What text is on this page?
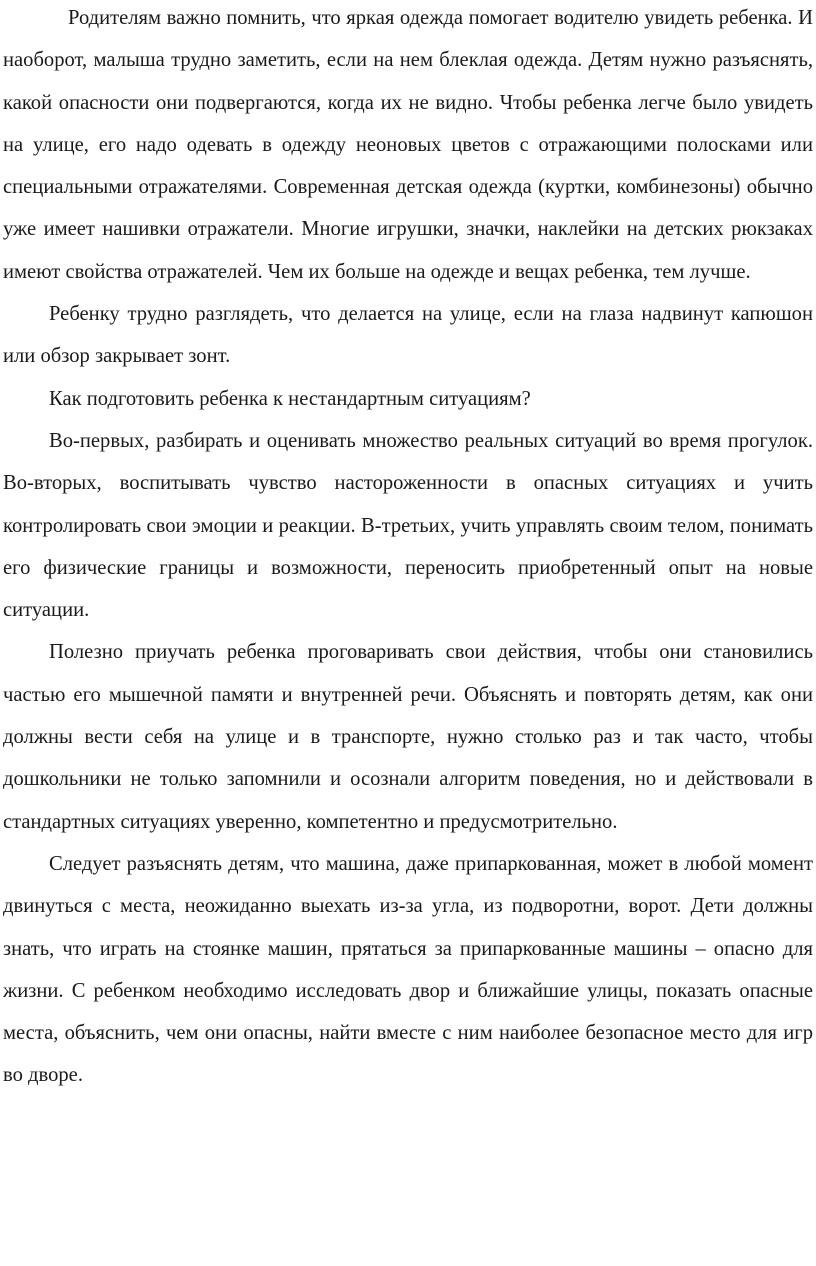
Родителям важно помнить, что яркая одежда помогает водителю увидеть ребенка. И наоборот, малыша трудно заметить, если на нем блеклая одежда. Детям нужно разъяснять, какой опасности они подвергаются, когда их не видно. Чтобы ребенка легче было увидеть на улице, его надо одевать в одежду неоновых цветов с отражающими полосками или специальными отражателями. Современная детская одежда (куртки, комбинезоны) обычно уже имеет нашивки отражатели. Многие игрушки, значки, наклейки на детских рюкзаках имеют свойства отражателей. Чем их больше на одежде и вещах ребенка, тем лучше.

Ребенку трудно разглядеть, что делается на улице, если на глаза надвинут капюшон или обзор закрывает зонт.

Как подготовить ребенка к нестандартным ситуациям?

Во-первых, разбирать и оценивать множество реальных ситуаций во время прогулок. Во-вторых, воспитывать чувство настороженности в опасных ситуациях и учить контролировать свои эмоции и реакции. В-третьих, учить управлять своим телом, понимать его физические границы и возможности, переносить приобретенный опыт на новые ситуации.

Полезно приучать ребенка проговаривать свои действия, чтобы они становились частью его мышечной памяти и внутренней речи. Объяснять и повторять детям, как они должны вести себя на улице и в транспорте, нужно столько раз и так часто, чтобы дошкольники не только запомнили и осознали алгоритм поведения, но и действовали в стандартных ситуациях уверенно, компетентно и предусмотрительно.

Следует разъяснять детям, что машина, даже припаркованная, может в любой момент двинуться с места, неожиданно выехать из-за угла, из подворотни, ворот. Дети должны знать, что играть на стоянке машин, прятаться за припаркованные машины – опасно для жизни. С ребенком необходимо исследовать двор и ближайшие улицы, показать опасные места, объяснить, чем они опасны, найти вместе с ним наиболее безопасное место для игр во дворе.
